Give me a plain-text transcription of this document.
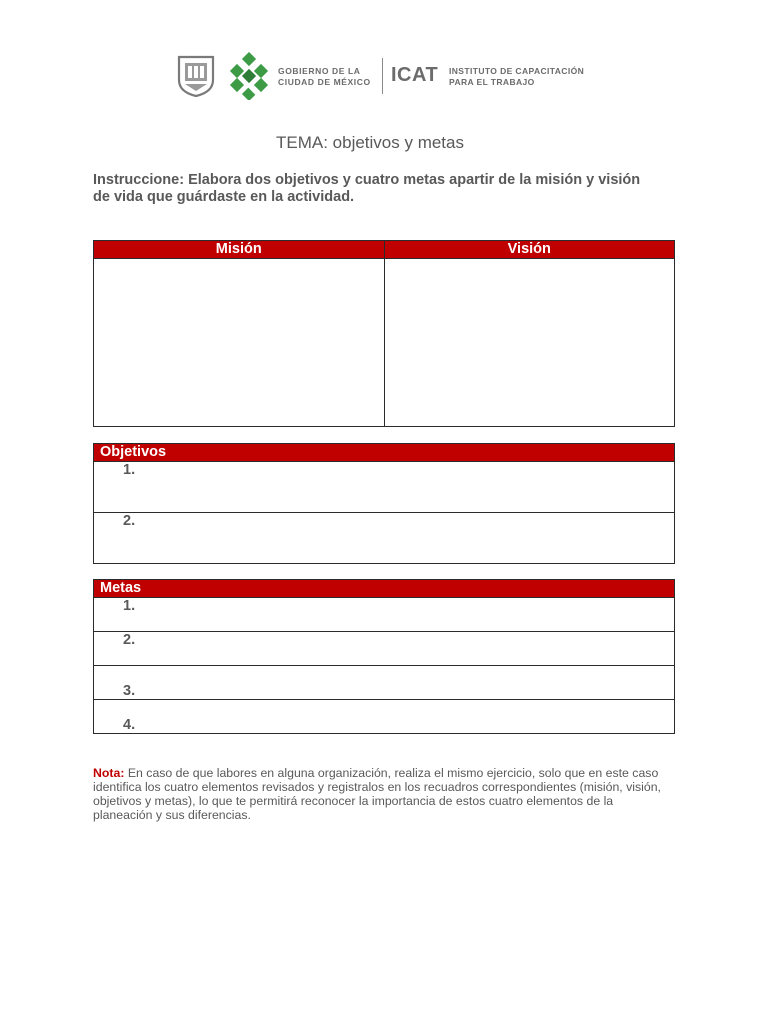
GOBIERNO DE LA
CIUDAD DE MÉXICO ICAT INSTITUTO DE CAPACITACIÓN
PARA EL TRABAJO
TEMA: objetivos y metas
Instruccione: Elabora dos objetivos y cuatro metas apartir de la misión y visión de vida que guárdaste en la actividad.
Misión	Visión

Objetivos

1.

2.
Metas

1.

2.

3.

4.
Nota: En caso de que labores en alguna organización, realiza el mismo ejercicio, solo que en este caso identifica los cuatro elementos revisados y registralos en los recuadros correspondientes (misión, visión, objetivos y metas), lo que te permitirá reconocer la importancia de estos cuatro elementos de la planeación y sus diferencias.
